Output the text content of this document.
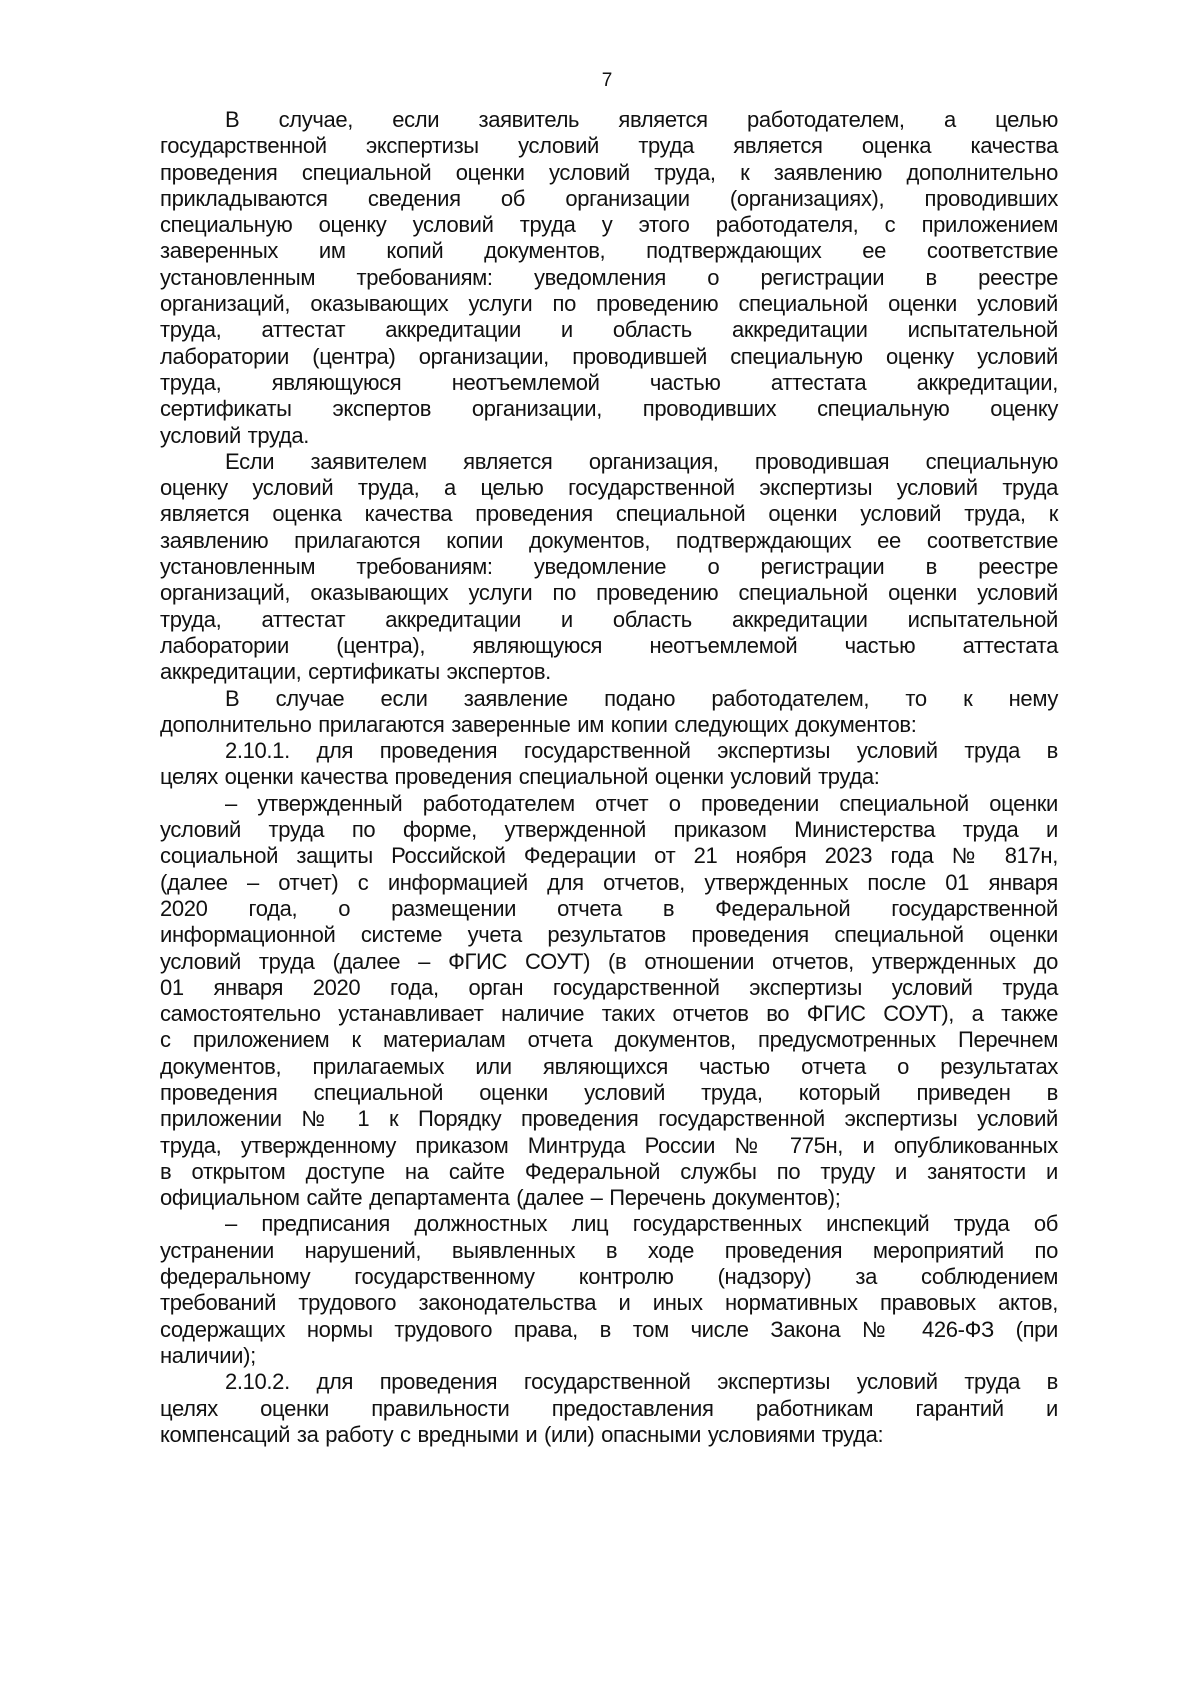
7
В случае, если заявитель является работодателем, а целью
государственной экспертизы условий труда является оценка качества
проведения специальной оценки условий труда, к заявлению дополнительно
прикладываются сведения об организации (организациях), проводивших
специальную оценку условий труда у этого работодателя, с приложением
заверенных им копий документов, подтверждающих ее соответствие
установленным требованиям: уведомления о регистрации в реестре
организаций, оказывающих услуги по проведению специальной оценки условий
труда, аттестат аккредитации и область аккредитации испытательной
лаборатории (центра) организации, проводившей специальную оценку условий
труда, являющуюся неотъемлемой частью аттестата аккредитации,
сертификаты экспертов организации, проводивших специальную оценку
условий труда.
Если заявителем является организация, проводившая специальную
оценку условий труда, а целью государственной экспертизы условий труда
является оценка качества проведения специальной оценки условий труда, к
заявлению прилагаются копии документов, подтверждающих ее соответствие
установленным требованиям: уведомление о регистрации в реестре
организаций, оказывающих услуги по проведению специальной оценки условий
труда, аттестат аккредитации и область аккредитации испытательной
лаборатории (центра), являющуюся неотъемлемой частью аттестата
аккредитации, сертификаты экспертов.
В случае если заявление подано работодателем, то к нему
дополнительно прилагаются заверенные им копии следующих документов:
2.10.1. для проведения государственной экспертизы условий труда в
целях оценки качества проведения специальной оценки условий труда:
– утвержденный работодателем отчет о проведении специальной оценки
условий труда по форме, утвержденной приказом Министерства труда и
социальной защиты Российской Федерации от 21 ноября 2023 года № 817н,
(далее – отчет) с информацией для отчетов, утвержденных после 01 января
2020 года, о размещении отчета в Федеральной государственной
информационной системе учета результатов проведения специальной оценки
условий труда (далее – ФГИС СОУТ) (в отношении отчетов, утвержденных до
01 января 2020 года, орган государственной экспертизы условий труда
самостоятельно устанавливает наличие таких отчетов во ФГИС СОУТ), а также
с приложением к материалам отчета документов, предусмотренных Перечнем
документов, прилагаемых или являющихся частью отчета о результатах
проведения специальной оценки условий труда, который приведен в
приложении № 1 к Порядку проведения государственной экспертизы условий
труда, утвержденному приказом Минтруда России № 775н, и опубликованных
в открытом доступе на сайте Федеральной службы по труду и занятости и
официальном сайте департамента (далее – Перечень документов);
– предписания должностных лиц государственных инспекций труда об
устранении нарушений, выявленных в ходе проведения мероприятий по
федеральному государственному контролю (надзору) за соблюдением
требований трудового законодательства и иных нормативных правовых актов,
содержащих нормы трудового права, в том числе Закона № 426-ФЗ (при
наличии);
2.10.2. для проведения государственной экспертизы условий труда в
целях оценки правильности предоставления работникам гарантий и
компенсаций за работу с вредными и (или) опасными условиями труда:
